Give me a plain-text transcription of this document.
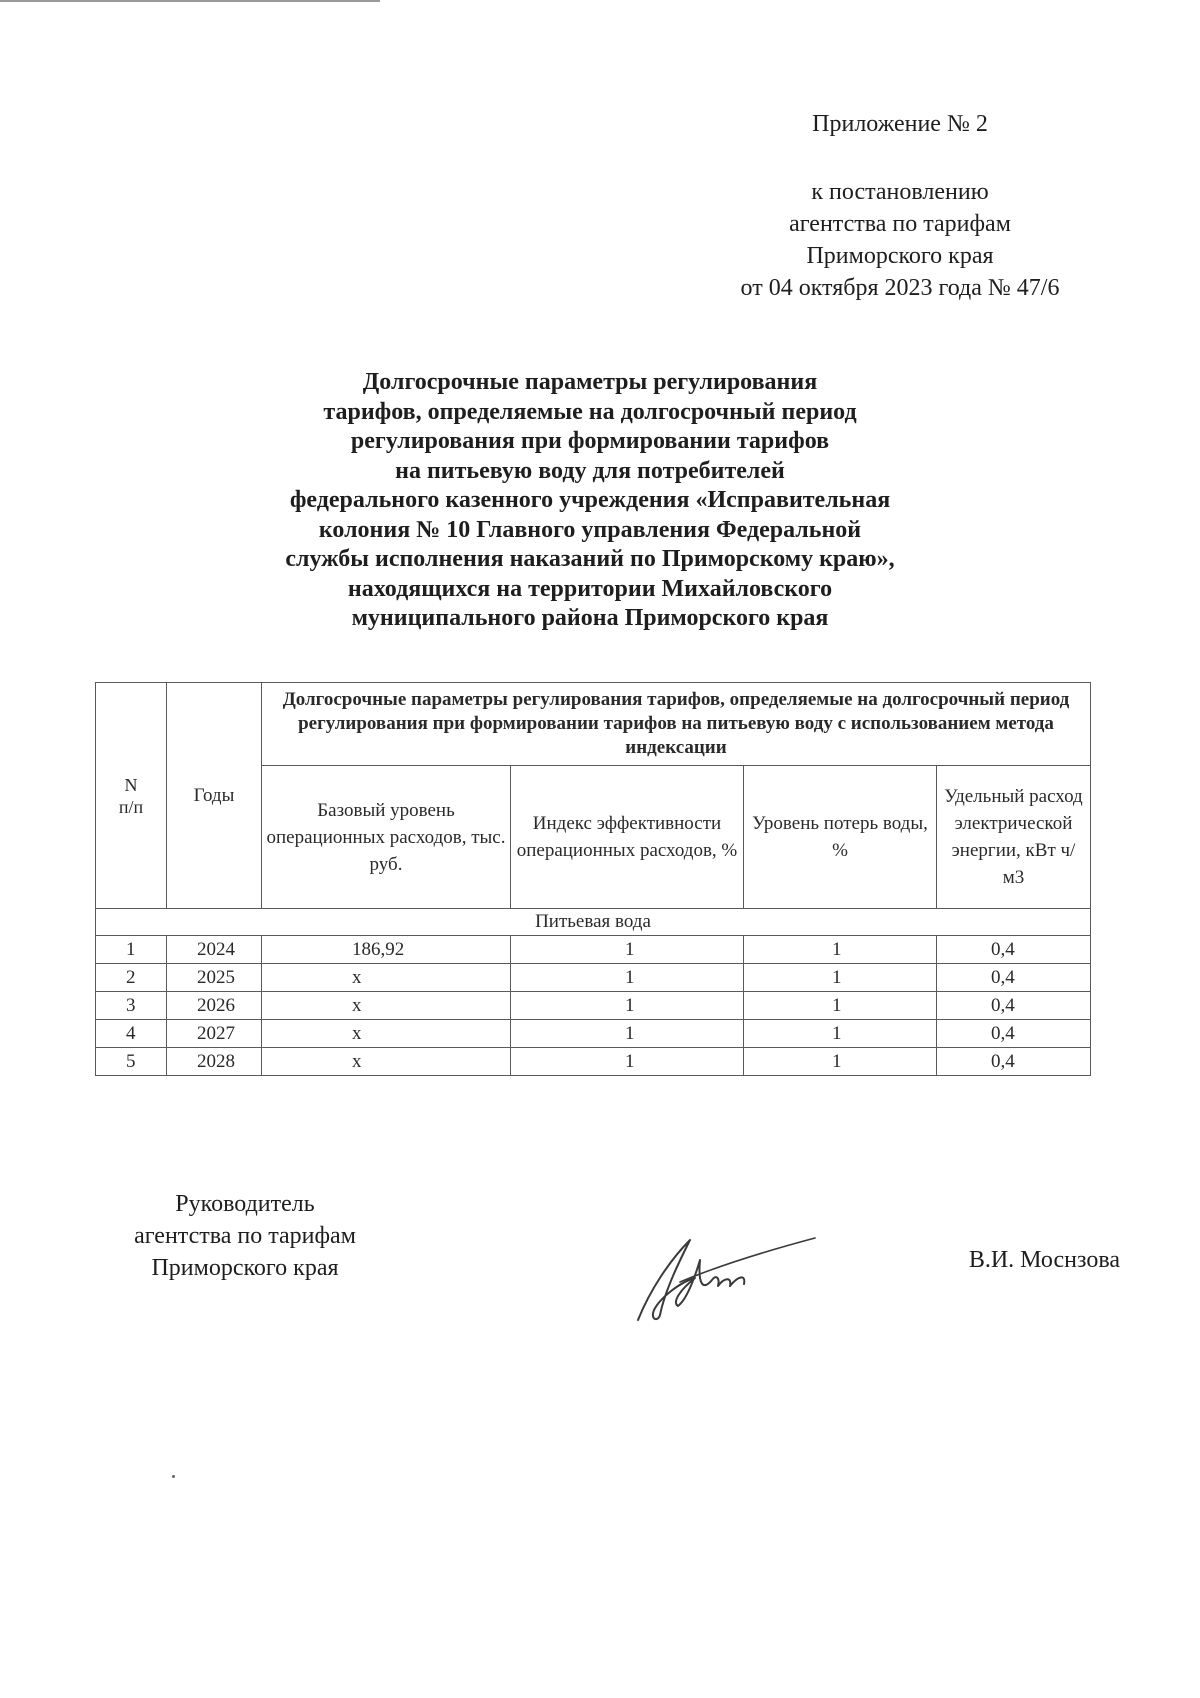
Приложение № 2
к постановлению
агентства по тарифам
Приморского края
от 04 октября 2023 года № 47/6
Долгосрочные параметры регулирования
тарифов, определяемые на долгосрочный период
регулирования при формировании тарифов
на питьевую воду для потребителей
федерального казенного учреждения «Исправительная
колония № 10 Главного управления Федеральной
службы исполнения наказаний по Приморскому краю»,
находящихся на территории Михайловского
муниципального района Приморского края
N
п/п	Годы	Долгосрочные параметры регулирования тарифов, определяемые на долгосрочный период регулирования при формировании тарифов на питьевую воду с использованием метода индексации			
		Базовый уровень операционных расходов, тыс. руб.	Индекс эффективности операционных расходов, %	Уровень потерь воды, %	Удельный расход электрической энергии, кВт ч/м3
Питьевая вода					
1	2024	186,92	1	1	0,4
2	2025	х	1	1	0,4
3	2026	х	1	1	0,4
4	2027	х	1	1	0,4
5	2028	х	1	1	0,4
Руководитель
агентства по тарифам
Приморского края	В.И. Моснзова
